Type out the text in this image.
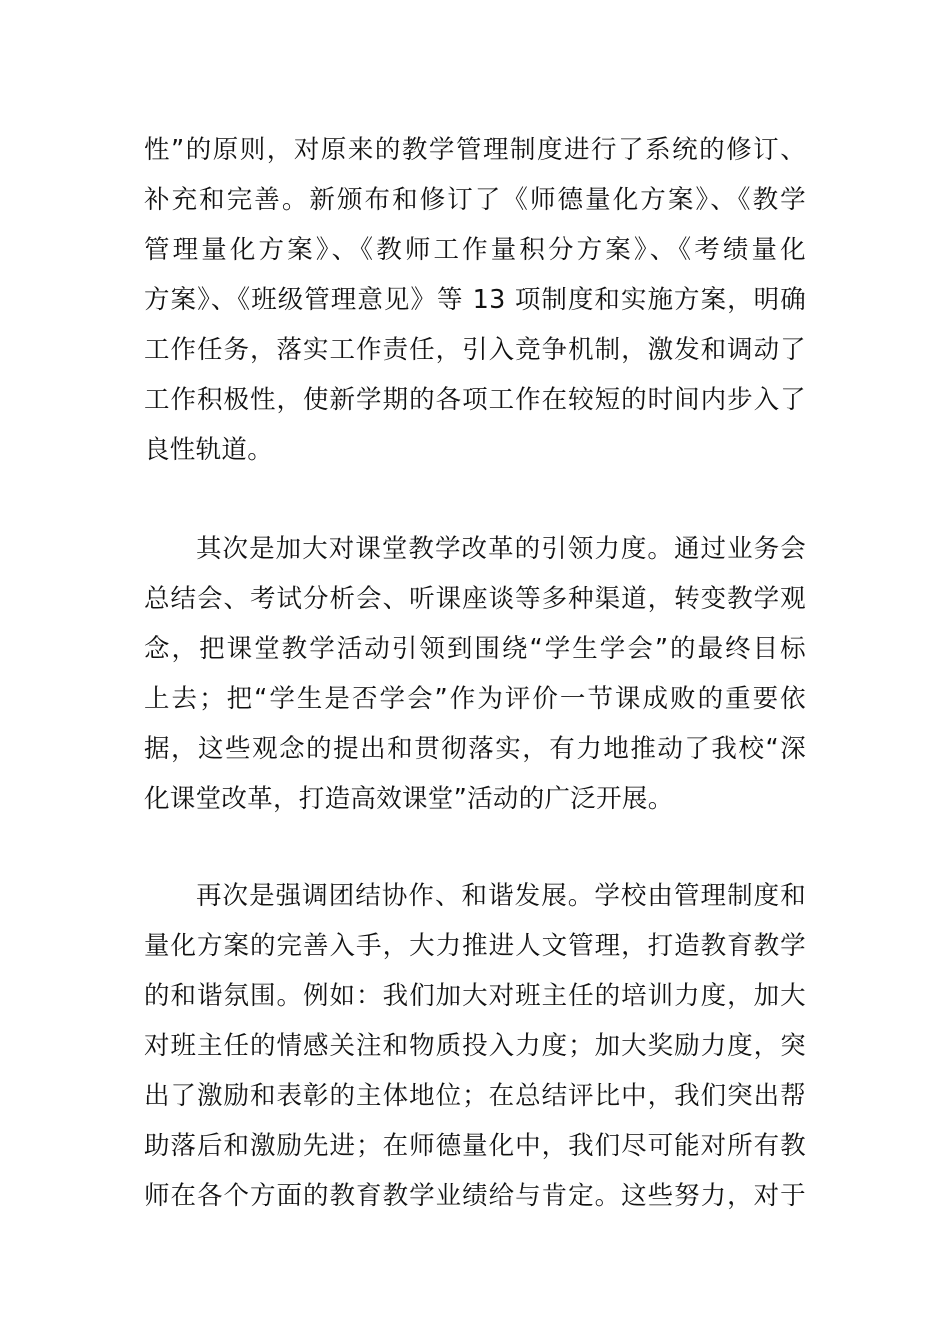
性”的原则，对原来的教学管理制度进行了系统的修订、
补充和完善。新颁布和修订了《师德量化方案》、《教学
管理量化方案》、《教师工作量积分方案》、《考绩量化
方案》、《班级管理意见》等 13 项制度和实施方案，明确
工作任务，落实工作责任，引入竞争机制，激发和调动了
工作积极性，使新学期的各项工作在较短的时间内步入了
良性轨道。
其次是加大对课堂教学改革的引领力度。通过业务会
总结会、考试分析会、听课座谈等多种渠道，转变教学观
念，把课堂教学活动引领到围绕“学生学会”的最终目标
上去；把“学生是否学会”作为评价一节课成败的重要依
据，这些观念的提出和贯彻落实，有力地推动了我校“深
化课堂改革，打造高效课堂”活动的广泛开展。
再次是强调团结协作、和谐发展。学校由管理制度和
量化方案的完善入手，大力推进人文管理，打造教育教学
的和谐氛围。例如：我们加大对班主任的培训力度，加大
对班主任的情感关注和物质投入力度；加大奖励力度，突
出了激励和表彰的主体地位；在总结评比中，我们突出帮
助落后和激励先进；在师德量化中，我们尽可能对所有教
师在各个方面的教育教学业绩给与肯定。这些努力，对于
